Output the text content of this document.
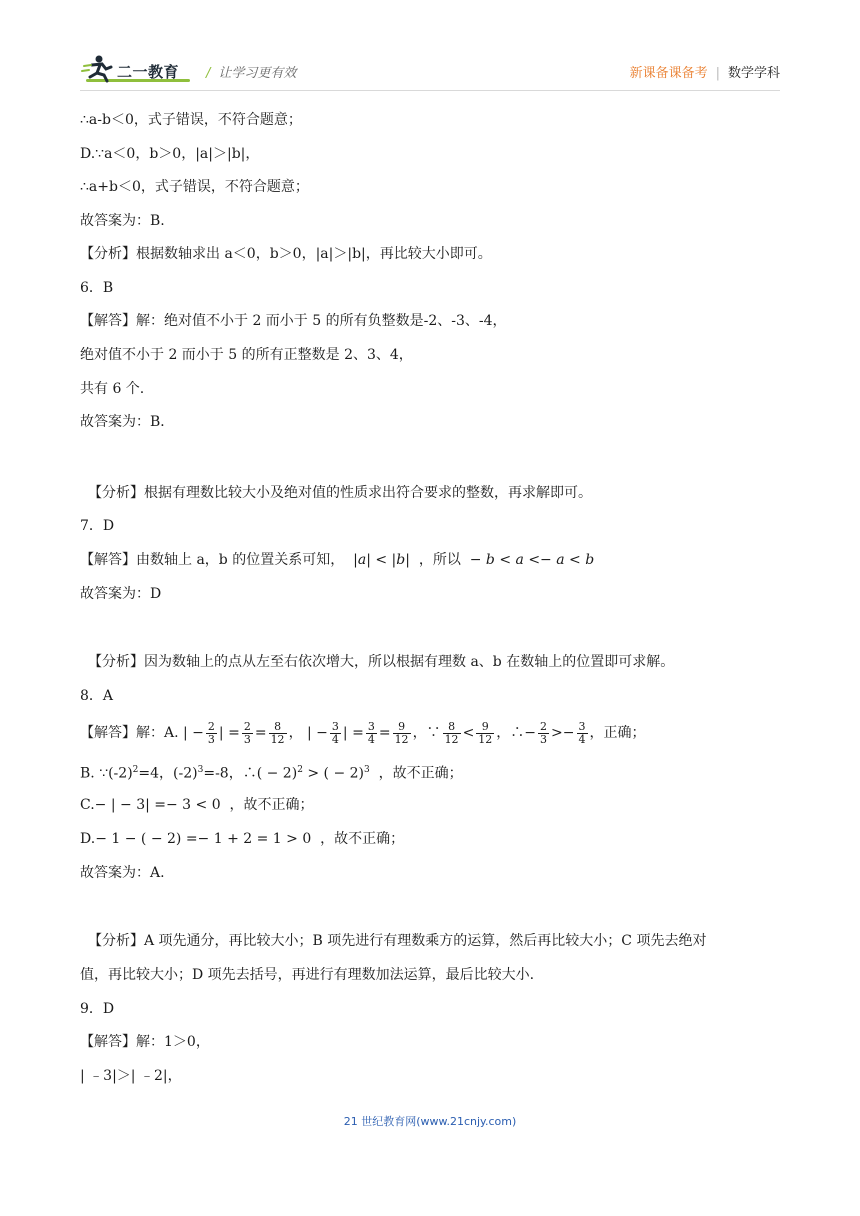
二一教育 / 让学习更有效	新课备课备考 | 数学学科
∴a-b＜0，式子错误，不符合题意；
D.∵a＜0，b＞0，|a|＞|b|，
∴a+b＜0，式子错误，不符合题意；
故答案为：B.
【分析】根据数轴求出 a＜0，b＞0，|a|＞|b|，再比较大小即可。
6．B
【解答】解：绝对值不小于 2 而小于 5 的所有负整数是-2、-3、-4，
绝对值不小于 2 而小于 5 的所有正整数是 2、3、4，
共有 6 个.
故答案为：B．
【分析】根据有理数比较大小及绝对值的性质求出符合要求的整数，再求解即可。
7．D
【解答】由数轴上 a，b 的位置关系可知， |a| < |b| ，所以 − b < a <− a < b
故答案为：D
【分析】因为数轴上的点从左至右依次增大，所以根据有理数 a、b 在数轴上的位置即可求解。
8．A
【解答】解：A. | − $\frac{2}{3}$ | = $\frac{2}{3} = \frac{8}{12}$ ， | − $\frac{3}{4}$ | = $\frac{3}{4} = \frac{9}{12}$ ，∵ $\frac{8}{12} < \frac{9}{12}$ ，∴− $\frac{2}{3} >- \frac{3}{4}$ ，正确；
B. $\because(-2)^2=4$，$(-2)^3=-8$，∴( − 2)$^2$ > ( − 2)$^3$ ，故不正确；
C.− | − 3| =− 3 < 0 ，故不正确；
D.− 1 − ( − 2) =− 1 + 2 = 1 > 0 ，故不正确；
故答案为：A.
【分析】A 项先通分，再比较大小；B 项先进行有理数乘方的运算，然后再比较大小；C 项先去绝对
值，再比较大小；D 项先去括号，再进行有理数加法运算，最后比较大小.
9．D
【解答】解：1＞0，
| ﹣3|＞| ﹣2|，
21 世纪教育网(www.21cnjy.com)
